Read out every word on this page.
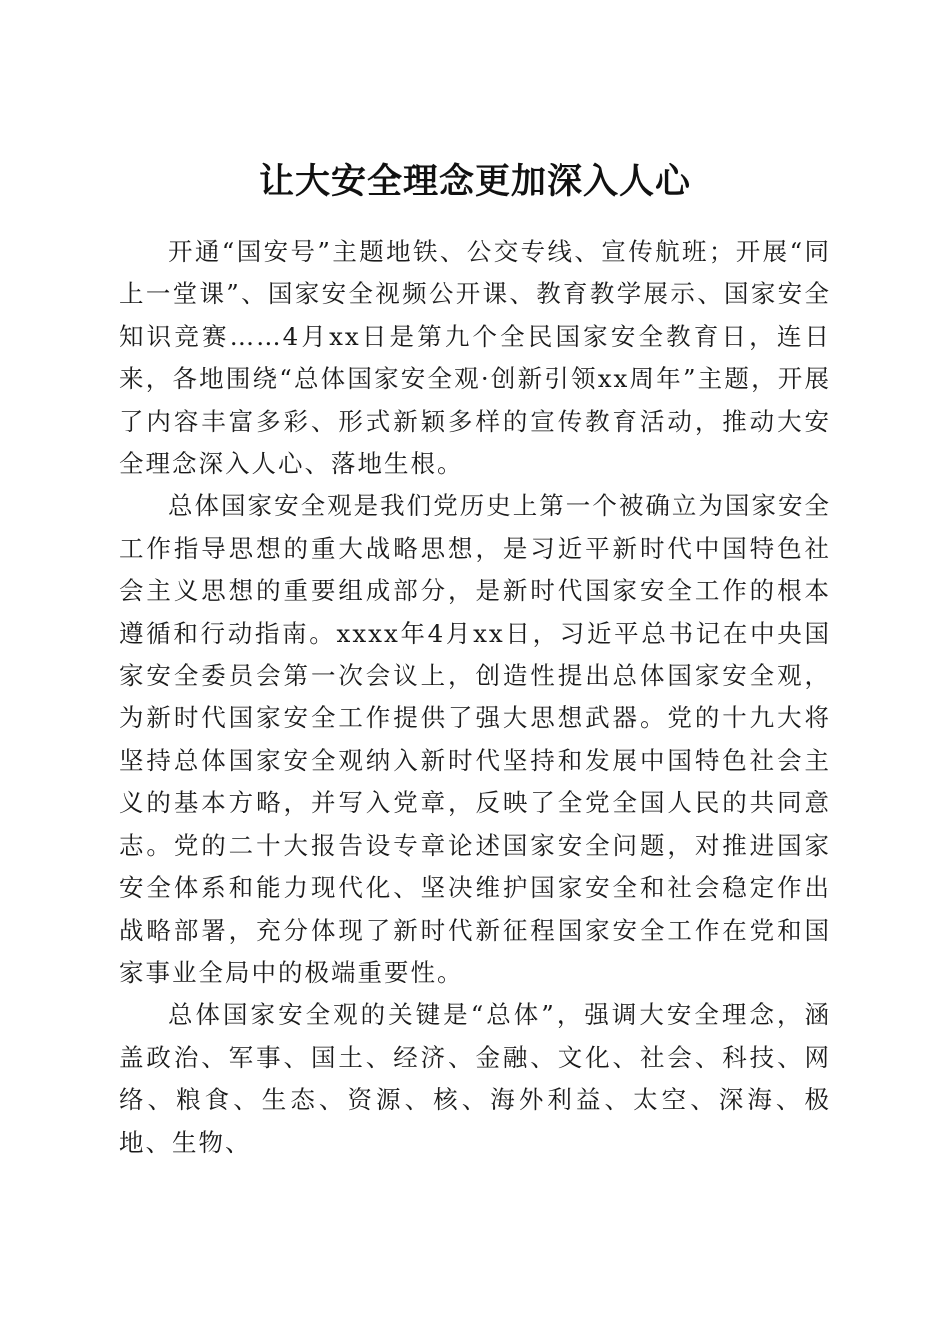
让大安全理念更加深入人心

开通“国安号”主题地铁、公交专线、宣传航班；开展“同上一堂课”、国家安全视频公开课、教育教学展示、国家安全知识竞赛……4月xx日是第九个全民国家安全教育日，连日来，各地围绕“总体国家安全观·创新引领xx周年”主题，开展了内容丰富多彩、形式新颖多样的宣传教育活动，推动大安全理念深入人心、落地生根。

总体国家安全观是我们党历史上第一个被确立为国家安全工作指导思想的重大战略思想，是习近平新时代中国特色社会主义思想的重要组成部分，是新时代国家安全工作的根本遵循和行动指南。xxxx年4月xx日，习近平总书记在中央国家安全委员会第一次会议上，创造性提出总体国家安全观，为新时代国家安全工作提供了强大思想武器。党的十九大将坚持总体国家安全观纳入新时代坚持和发展中国特色社会主义的基本方略，并写入党章，反映了全党全国人民的共同意志。党的二十大报告设专章论述国家安全问题，对推进国家安全体系和能力现代化、坚决维护国家安全和社会稳定作出战略部署，充分体现了新时代新征程国家安全工作在党和国家事业全局中的极端重要性。

总体国家安全观的关键是“总体”，强调大安全理念，涵盖政治、军事、国土、经济、金融、文化、社会、科技、网络、粮食、生态、资源、核、海外利益、太空、深海、极地、生物、
